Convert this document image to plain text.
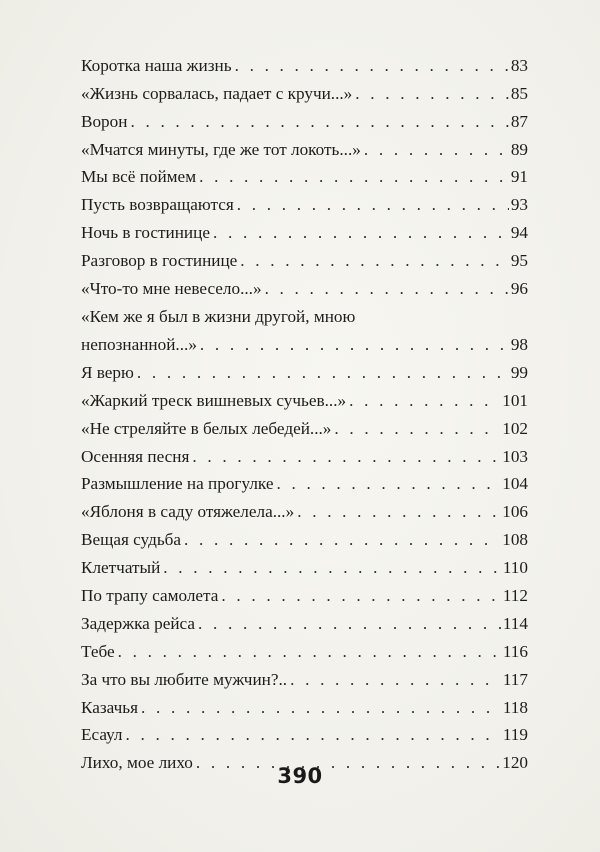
Коротка наша жизнь . . .	83
«Жизнь сорвалась, падает с кручи...» . . .	85
Ворон . . .	87
«Мчатся минуты, где же тот локоть...» . . .	89
Мы всё поймем . . .	91
Пусть возвращаются . . .	93
Ночь в гостинице . . .	94
Разговор в гостинице . . .	95
«Что-то мне невесело...» . . .	96
«Кем же я был в жизни другой, мною
непознанной...» . . .	98
Я верю . . .	99
«Жаркий треск вишневых сучьев...» . . .	101
«Не стреляйте в белых лебедей...» . . .	102
Осенняя песня . . .	103
Размышление на прогулке . . .	104
«Яблоня в саду отяжелела...» . . .	106
Вещая судьба . . .	108
Клетчатый . . .	110
По трапу самолета . . .	112
Задержка рейса . . .	114
Тебе . . .	116
За что вы любите мужчин?.. . . .	117
Казачья . . .	118
Есаул . . .	119
Лихо, мое лихо . . .	120
390
